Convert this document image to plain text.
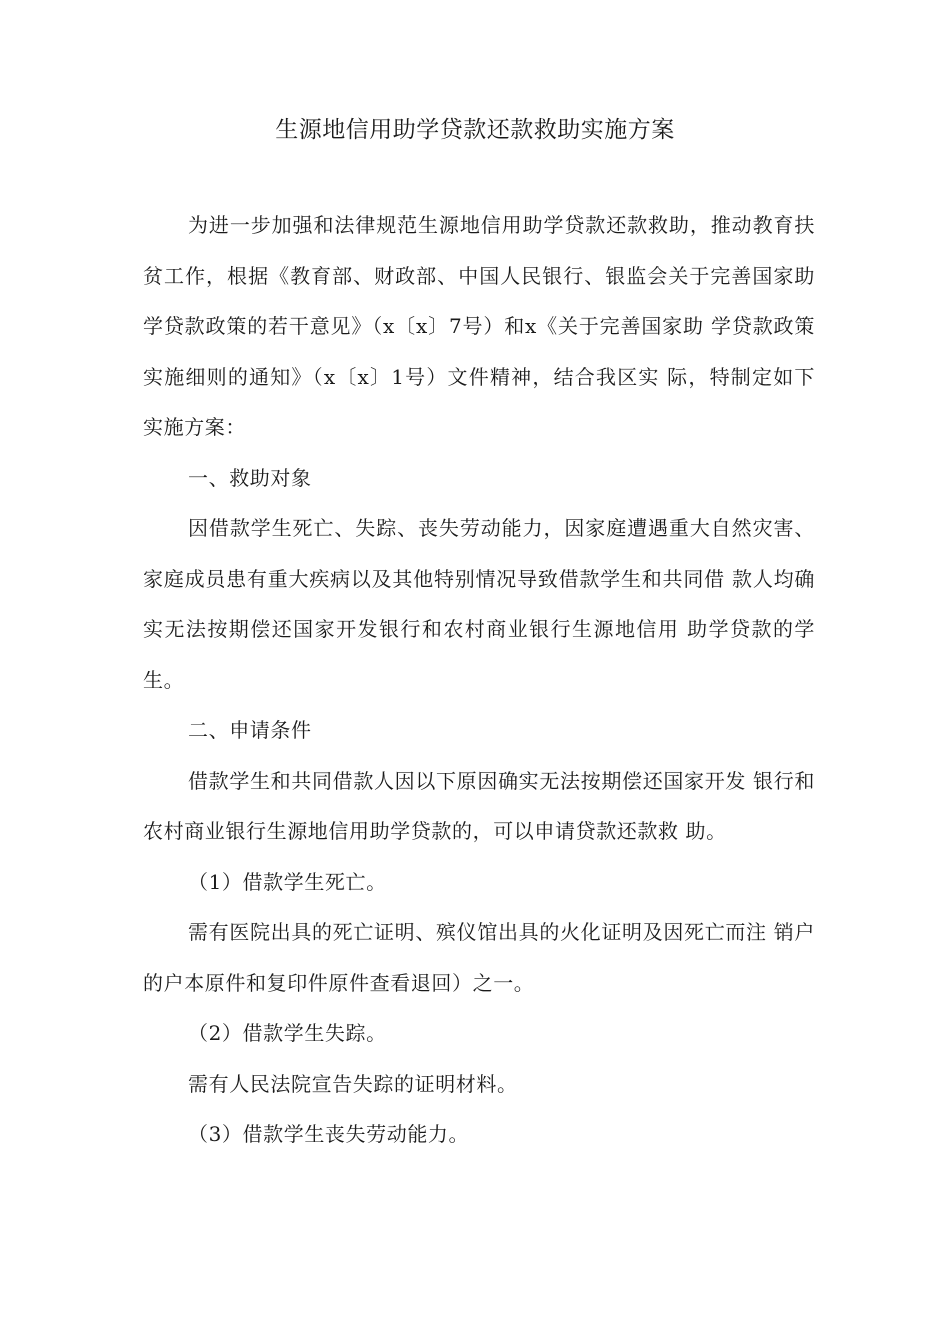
生源地信用助学贷款还款救助实施方案

为进一步加强和法律规范生源地信用助学贷款还款救助，推动教育扶 贫工作，根据《教育部、财政部、中国人民银行、银监会关于完善国家助学贷款政策的若干意见》（x〔x〕7号）和x《关于完善国家助 学贷款政策实施细则的通知》（x〔x〕1号）文件精神，结合我区实 际，特制定如下实施方案：

一、救助对象

因借款学生死亡、失踪、丧失劳动能力，因家庭遭遇重大自然灾害、家庭成员患有重大疾病以及其他特别情况导致借款学生和共同借 款人均确实无法按期偿还国家开发银行和农村商业银行生源地信用 助学贷款的学生。

二、申请条件

借款学生和共同借款人因以下原因确实无法按期偿还国家开发 银行和农村商业银行生源地信用助学贷款的，可以申请贷款还款救 助。

（1）借款学生死亡。

需有医院出具的死亡证明、殡仪馆出具的火化证明及因死亡而注 销户的户本原件和复印件原件查看退回）之一。

（2）借款学生失踪。

需有人民法院宣告失踪的证明材料。

（3）借款学生丧失劳动能力。
